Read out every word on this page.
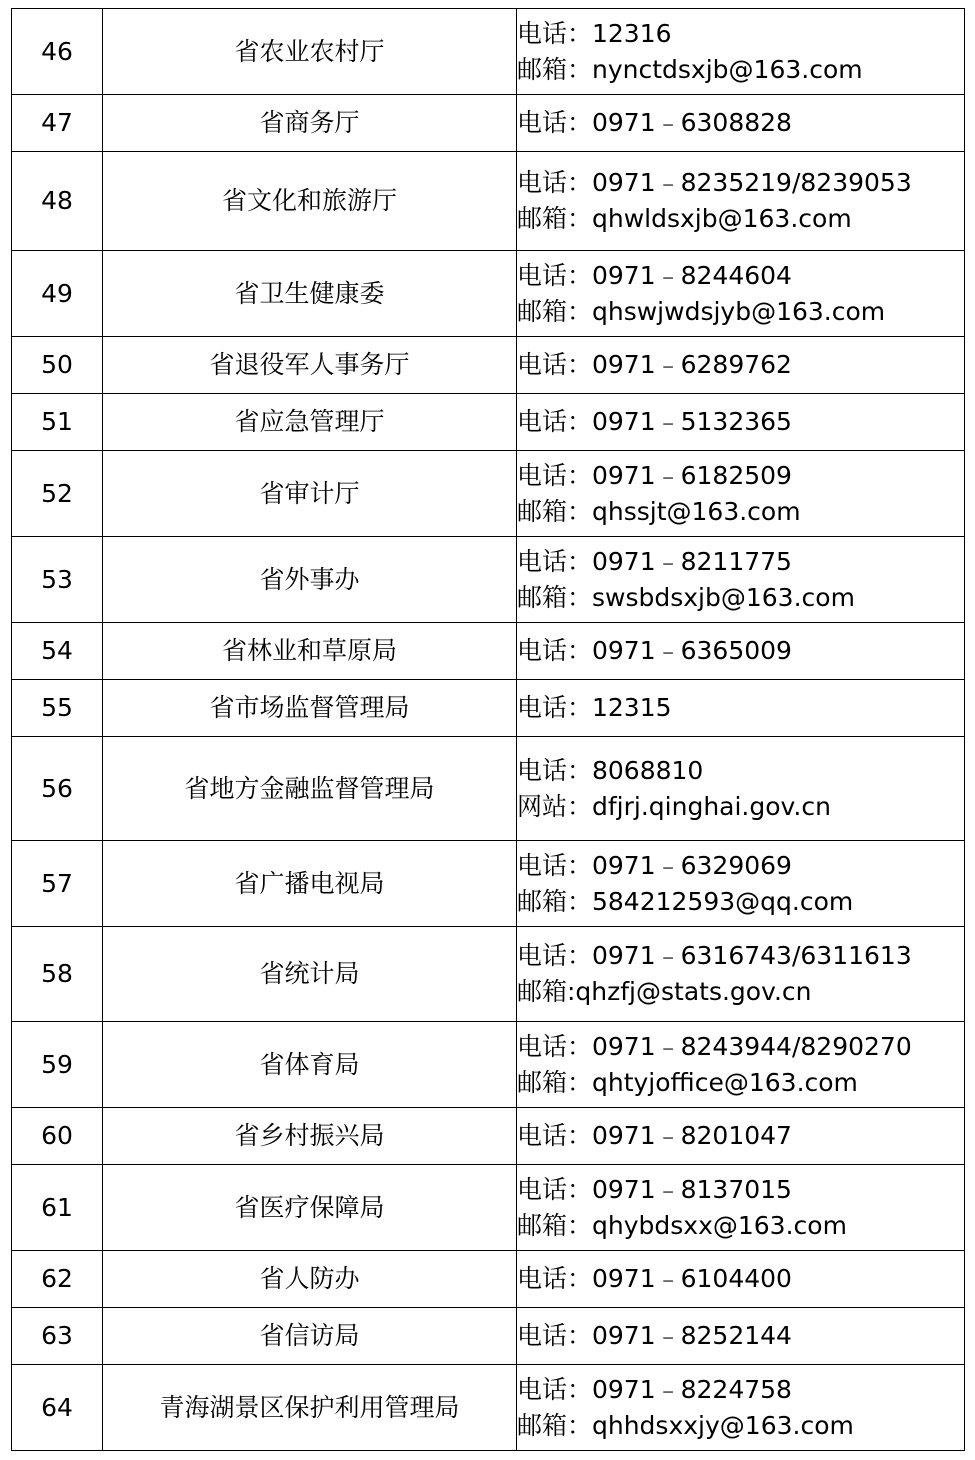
46	省农业农村厅	电话：12316
邮箱：nynctdsxjb@163.com

47	省商务厅	电话：0971﹣6308828

48	省文化和旅游厅	电话：0971﹣8235219/8239053
邮箱：qhwldsxjb@163.com

49	省卫生健康委	电话：0971﹣8244604
邮箱：qhswjwdsjyb@163.com

50	省退役军人事务厅	电话：0971﹣6289762

51	省应急管理厅	电话：0971﹣5132365

52	省审计厅	电话：0971﹣6182509
邮箱：qhssjt@163.com

53	省外事办	电话：0971﹣8211775
邮箱：swsbdsxjb@163.com

54	省林业和草原局	电话：0971﹣6365009

55	省市场监督管理局	电话：12315

56	省地方金融监督管理局	电话：8068810
网站：dfjrj.qinghai.gov.cn

57	省广播电视局	电话：0971﹣6329069
邮箱：584212593@qq.com

58	省统计局	电话：0971﹣6316743/6311613
邮箱:qhzfj@stats.gov.cn

59	省体育局	电话：0971﹣8243944/8290270
邮箱：qhtyjoffice@163.com

60	省乡村振兴局	电话：0971﹣8201047

61	省医疗保障局	电话：0971﹣8137015
邮箱：qhybdsxx@163.com

62	省人防办	电话：0971﹣6104400

63	省信访局	电话：0971﹣8252144

64	青海湖景区保护利用管理局	电话：0971﹣8224758
邮箱：qhhdsxxjy@163.com
